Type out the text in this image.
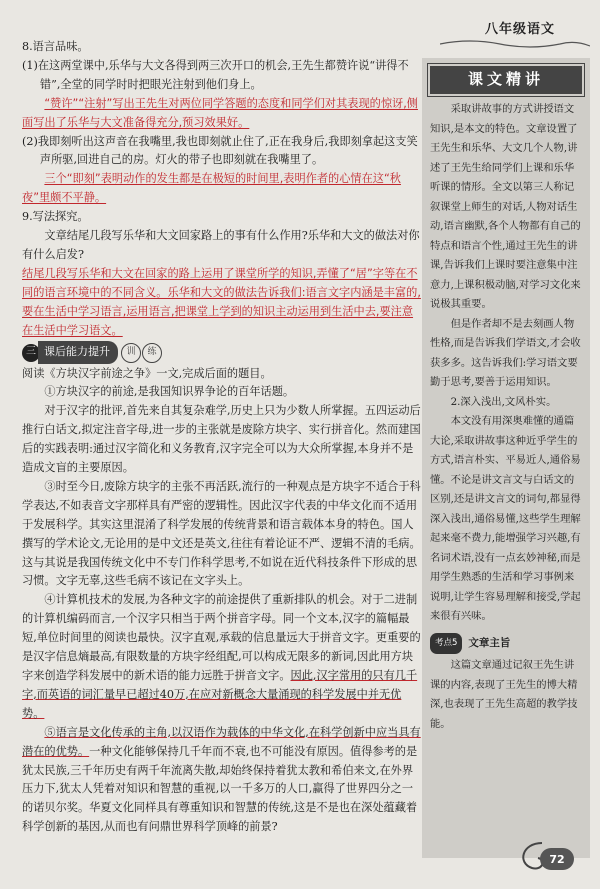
八年级语文

8.语言品味。

(1)在这两堂课中,乐华与大文各得到两三次开口的机会,王先生都赞许说“讲得不错”,全堂的同学时时把眼光注射到他们身上。

“赞许”“注射”写出王先生对两位同学答题的态度和同学们对其表现的惊讶,侧面写出了乐华与大文准备得充分,预习效果好。

(2)我即刻听出这声音在我嘴里,我也即刻就止住了,正在我身后,我即刻拿起这支笑声所驱,回进自己的房。灯火的带子也即刻就在我嘴里了。

三个“即刻”表明动作的发生都是在极短的时间里,表明作者的心情在这“秋夜”里颇不平静。

9.写法探究。

文章结尾几段写乐华和大文回家路上的事有什么作用?乐华和大文的做法对你有什么启发?

结尾几段写乐华和大文在回家的路上运用了课堂所学的知识,弄懂了“居”字等在不同的语言环境中的不同含义。乐华和大文的做法告诉我们:语言文字内涵是丰富的,要在生活中学习语言,运用语言,把课堂上学到的知识主动运用到生活中去,要注意在生活中学习语文。

三 课后能力提升	训	练

阅读《方块汉字前途之争》一文,完成后面的题目。

①方块汉字的前途,是我国知识界争论的百年话题。

对于汉字的批评,首先来自其复杂难学,历史上只为少数人所掌握。五四运动后推行白话文,拟定注音字母,进一步的主张就是废除方块字、实行拼音化。然而建国后的实践表明:通过汉字简化和义务教育,汉字完全可以为大众所掌握,本身并不是造成文盲的主要原因。

③时至今日,废除方块字的主张不再活跃,流行的一种观点是方块字不适合于科学表达,不如表音文字那样具有严密的逻辑性。因此汉字代表的中华文化而不适用于发展科学。其实这里混淆了科学发展的传统背景和语言载体本身的特色。国人撰写的学术论文,无论用的是中文还是英文,往往有着论证不严、逻辑不清的毛病。这与其说是我国传统文化中不专门作科学思考,不如说在近代科技条件下形成的思习惯。文字无辜,这些毛病不该记在文字头上。

④计算机技术的发展,为各种文字的前途提供了重新排队的机会。对于二进制的计算机编码而言,一个汉字只相当于两个拼音字母。同一个文本,汉字的篇幅最短,单位时间里的阅读也最快。汉字直观,承载的信息量远大于拼音文字。更重要的是汉字信息熵最高,有限数量的方块字经组配,可以构成无限多的新词,因此用方块字来创造学科发展中的新术语的能力远胜于拼音文字。因此,汉字常用的只有几千字,而英语的词汇量早已超过40万,在应对新概念大量涌现的科学发展中并无优势。

⑤语言是文化传承的主角,以汉语作为载体的中华文化,在科学创新中应当具有潜在的优势。一种文化能够保持几千年而不衰,也不可能没有原因。值得参考的是犹太民族,三千年历史有两千年流离失散,却始终保持着犹太教和希伯来文,在外界压力下,犹太人凭着对知识和智慧的重视,以一千多万的人口,赢得了世界四分之一的诺贝尔奖。华夏文化同样具有尊重知识和智慧的传统,这是不是也在深处蕴藏着科学创新的基因,从而也有问鼎世界科学顶峰的前景?

课文精讲

采取讲故事的方式讲授语文知识,是本文的特色。文章设置了王先生和乐华、大文几个人物,讲述了王先生给同学们上课和乐华听课的情形。全文以第三人称记叙课堂上师生的对话,人物对话生动,语言幽默,各个人物都有自己的特点和语言个性,通过王先生的讲课,告诉我们上课时要注意集中注意力,上课积极动脑,对学习文化来说极其重要。

但是作者却不是去刻画人物性格,而是告诉我们学语文,才会收获多多。这告诉我们:学习语文要勤于思考,要善于运用知识。

2.深入浅出,文风朴实。

本文没有用深奥难懂的通篇大论,采取讲故事这种近乎学生的方式,语言朴实、平易近人,通俗易懂。不论是讲文言文与白话文的区别,还是讲文言文的词句,都显得深入浅出,通俗易懂,这些学生理解起来毫不费力,能增强学习兴趣,有名词术语,没有一点玄妙神秘,而是用学生熟悉的生活和学习事例来说明,让学生容易理解和接受,学起来很有兴味。

考点5	文章主旨

这篇文章通过记叙王先生讲课的内容,表现了王先生的博大精深,也表现了王先生高超的教学技能。

72
